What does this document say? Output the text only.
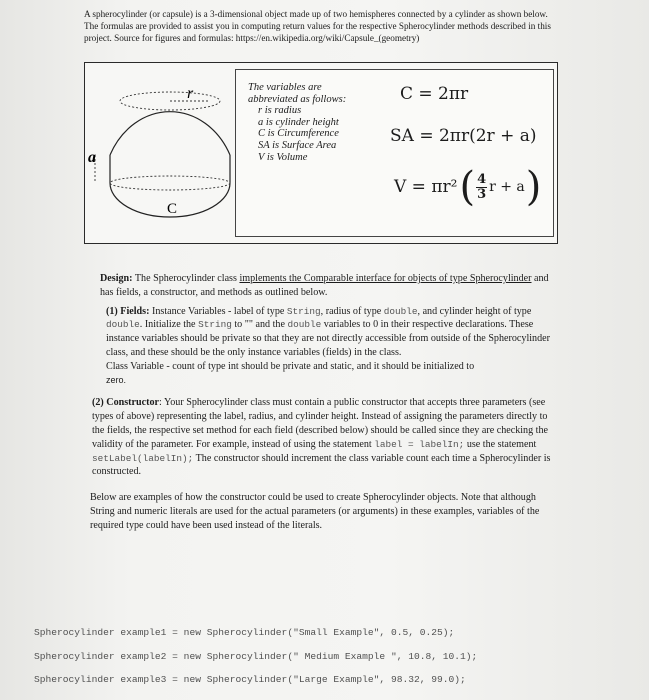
A spherocylinder (or capsule) is a 3-dimensional object made up of two hemispheres connected by a cylinder as shown below. The formulas are provided to assist you in computing return values for the respective Spherocylinder methods described in this project. Source for figures and formulas: https://en.wikipedia.org/wiki/Capsule_(geometry)
r
a
C
The variables are
abbreviated as follows:
r is radius
a is cylinder height
C is Circumference
SA is Surface Area
V is Volume
C = 2πr
SA = 2πr(2r + a)
V = πr² ( $\frac{4}{3}$ r + a )

Design: The Spherocylinder class implements the Comparable interface for objects of type Spherocylinder and has fields, a constructor, and methods as outlined below.

(1) Fields: Instance Variables - label of type String, radius of type double, and cylinder height of type double. Initialize the String to "" and the double variables to 0 in their respective declarations. These instance variables should be private so that they are not directly accessible from outside of the Spherocylinder class, and these should be the only instance variables (fields) in the class.
Class Variable - count of type int should be private and static, and it should be initialized to
zero.

(2) Constructor: Your Spherocylinder class must contain a public constructor that accepts three parameters (see types of above) representing the label, radius, and cylinder height. Instead of assigning the parameters directly to the fields, the respective set method for each field (described below) should be called since they are checking the validity of the parameter. For example, instead of using the statement label = labelIn; use the statement setLabel(labelIn); The constructor should increment the class variable count each time a Spherocylinder is constructed.

Below are examples of how the constructor could be used to create Spherocylinder objects. Note that although String and numeric literals are used for the actual parameters (or arguments) in these examples, variables of the required type could have been used instead of the literals.

Spherocylinder example1 = new Spherocylinder("Small Example", 0.5, 0.25);
Spherocylinder example2 = new Spherocylinder(" Medium Example ", 10.8, 10.1);
Spherocylinder example3 = new Spherocylinder("Large Example", 98.32, 99.0);
